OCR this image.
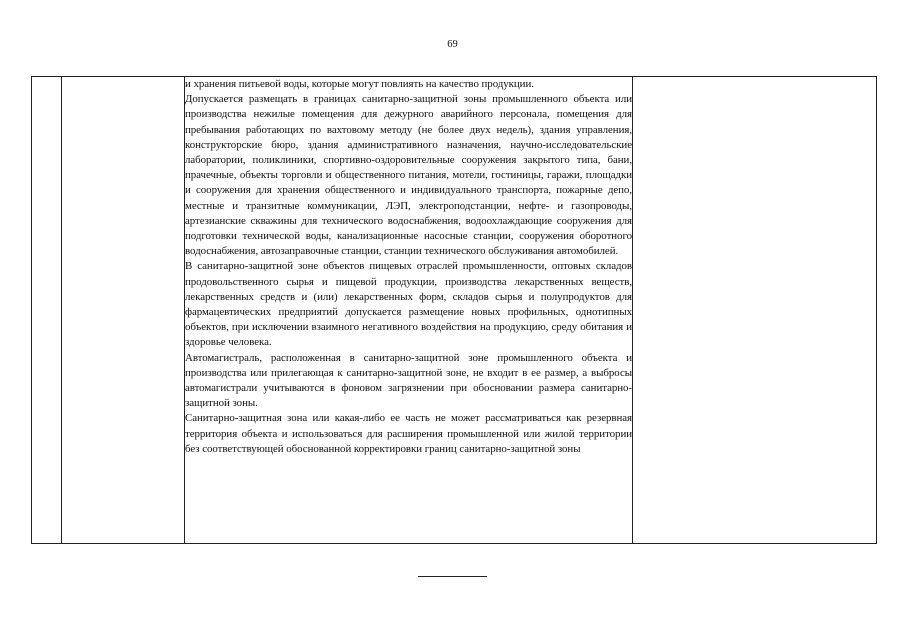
69

и хранения питьевой воды, которые могут повлиять на качество продукции.

Допускается размещать в границах санитарно-защитной зоны промышленного объекта или производства нежилые помещения для дежурного аварийного персонала, помещения для пребывания работающих по вахтовому методу (не более двух недель), здания управления, конструкторские бюро, здания административного назначения, научно-исследовательские лаборатории, поликлиники, спортивно-оздоровительные сооружения закрытого типа, бани, прачечные, объекты торговли и общественного питания, мотели, гостиницы, гаражи, площадки и сооружения для хранения общественного и индивидуального транспорта, пожарные депо, местные и транзитные коммуникации, ЛЭП, электроподстанции, нефте- и газопроводы, артезианские скважины для технического водоснабжения, водоохлаждающие сооружения для подготовки технической воды, канализационные насосные станции, сооружения оборотного водоснабжения, автозаправочные станции, станции технического обслуживания автомобилей.

В санитарно-защитной зоне объектов пищевых отраслей промышленности, оптовых складов продовольственного сырья и пищевой продукции, производства лекарственных веществ, лекарственных средств и (или) лекарственных форм, складов сырья и полупродуктов для фармацевтических предприятий допускается размещение новых профильных, однотипных объектов, при исключении взаимного негативного воздействия на продукцию, среду обитания и здоровье человека.

Автомагистраль, расположенная в санитарно-защитной зоне промышленного объекта и производства или прилегающая к санитарно-защитной зоне, не входит в ее размер, а выбросы автомагистрали учитываются в фоновом загрязнении при обосновании размера санитарно-защитной зоны.

Санитарно-защитная зона или какая-либо ее часть не может рассматриваться как резервная территория объекта и использоваться для расширения промышленной или жилой территории без соответствующей обоснованной корректировки границ санитарно-защитной зоны
